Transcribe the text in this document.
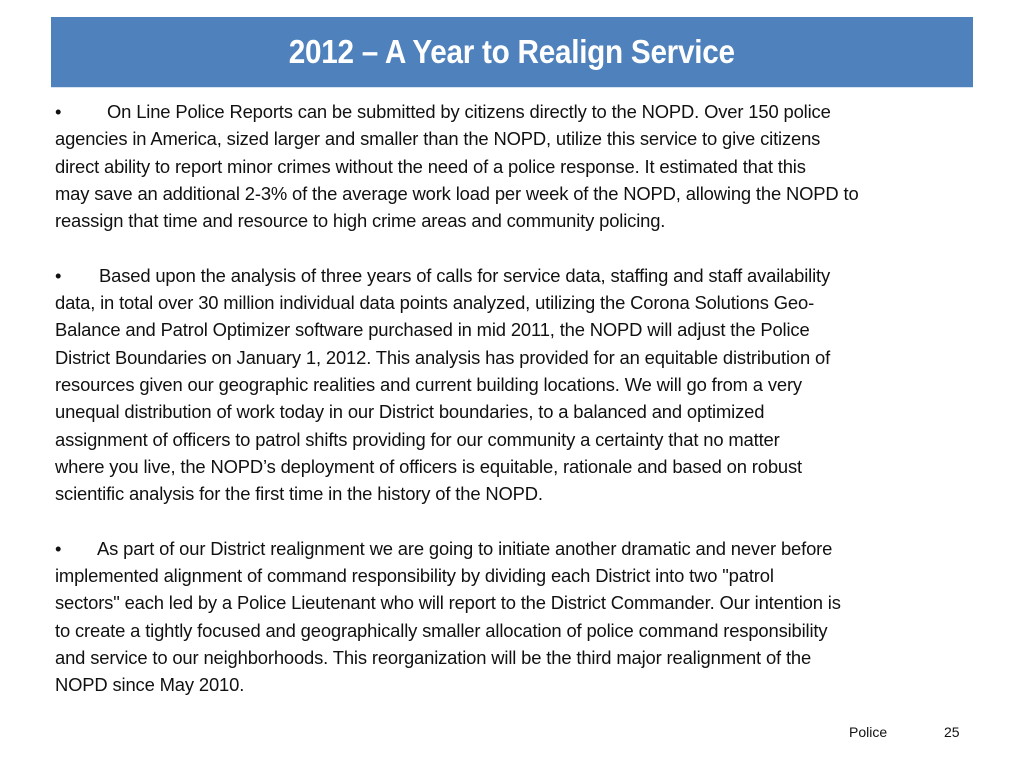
2012 – A Year to Realign Service
• On Line Police Reports can be submitted by citizens directly to the NOPD. Over 150 police
agencies in America, sized larger and smaller than the NOPD, utilize this service to give citizens
direct ability to report minor crimes without the need of a police response. It estimated that this
may save an additional 2-3% of the average work load per week of the NOPD, allowing the NOPD to
reassign that time and resource to high crime areas and community policing.
• Based upon the analysis of three years of calls for service data, staffing and staff availability
data, in total over 30 million individual data points analyzed, utilizing the Corona Solutions Geo-
Balance and Patrol Optimizer software purchased in mid 2011, the NOPD will adjust the Police
District Boundaries on January 1, 2012. This analysis has provided for an equitable distribution of
resources given our geographic realities and current building locations. We will go from a very
unequal distribution of work today in our District boundaries, to a balanced and optimized
assignment of officers to patrol shifts providing for our community a certainty that no matter
where you live, the NOPD’s deployment of officers is equitable, rationale and based on robust
scientific analysis for the first time in the history of the NOPD.
• As part of our District realignment we are going to initiate another dramatic and never before
implemented alignment of command responsibility by dividing each District into two "patrol
sectors" each led by a Police Lieutenant who will report to the District Commander. Our intention is
to create a tightly focused and geographically smaller allocation of police command responsibility
and service to our neighborhoods. This reorganization will be the third major realignment of the
NOPD since May 2010.
Police	25
